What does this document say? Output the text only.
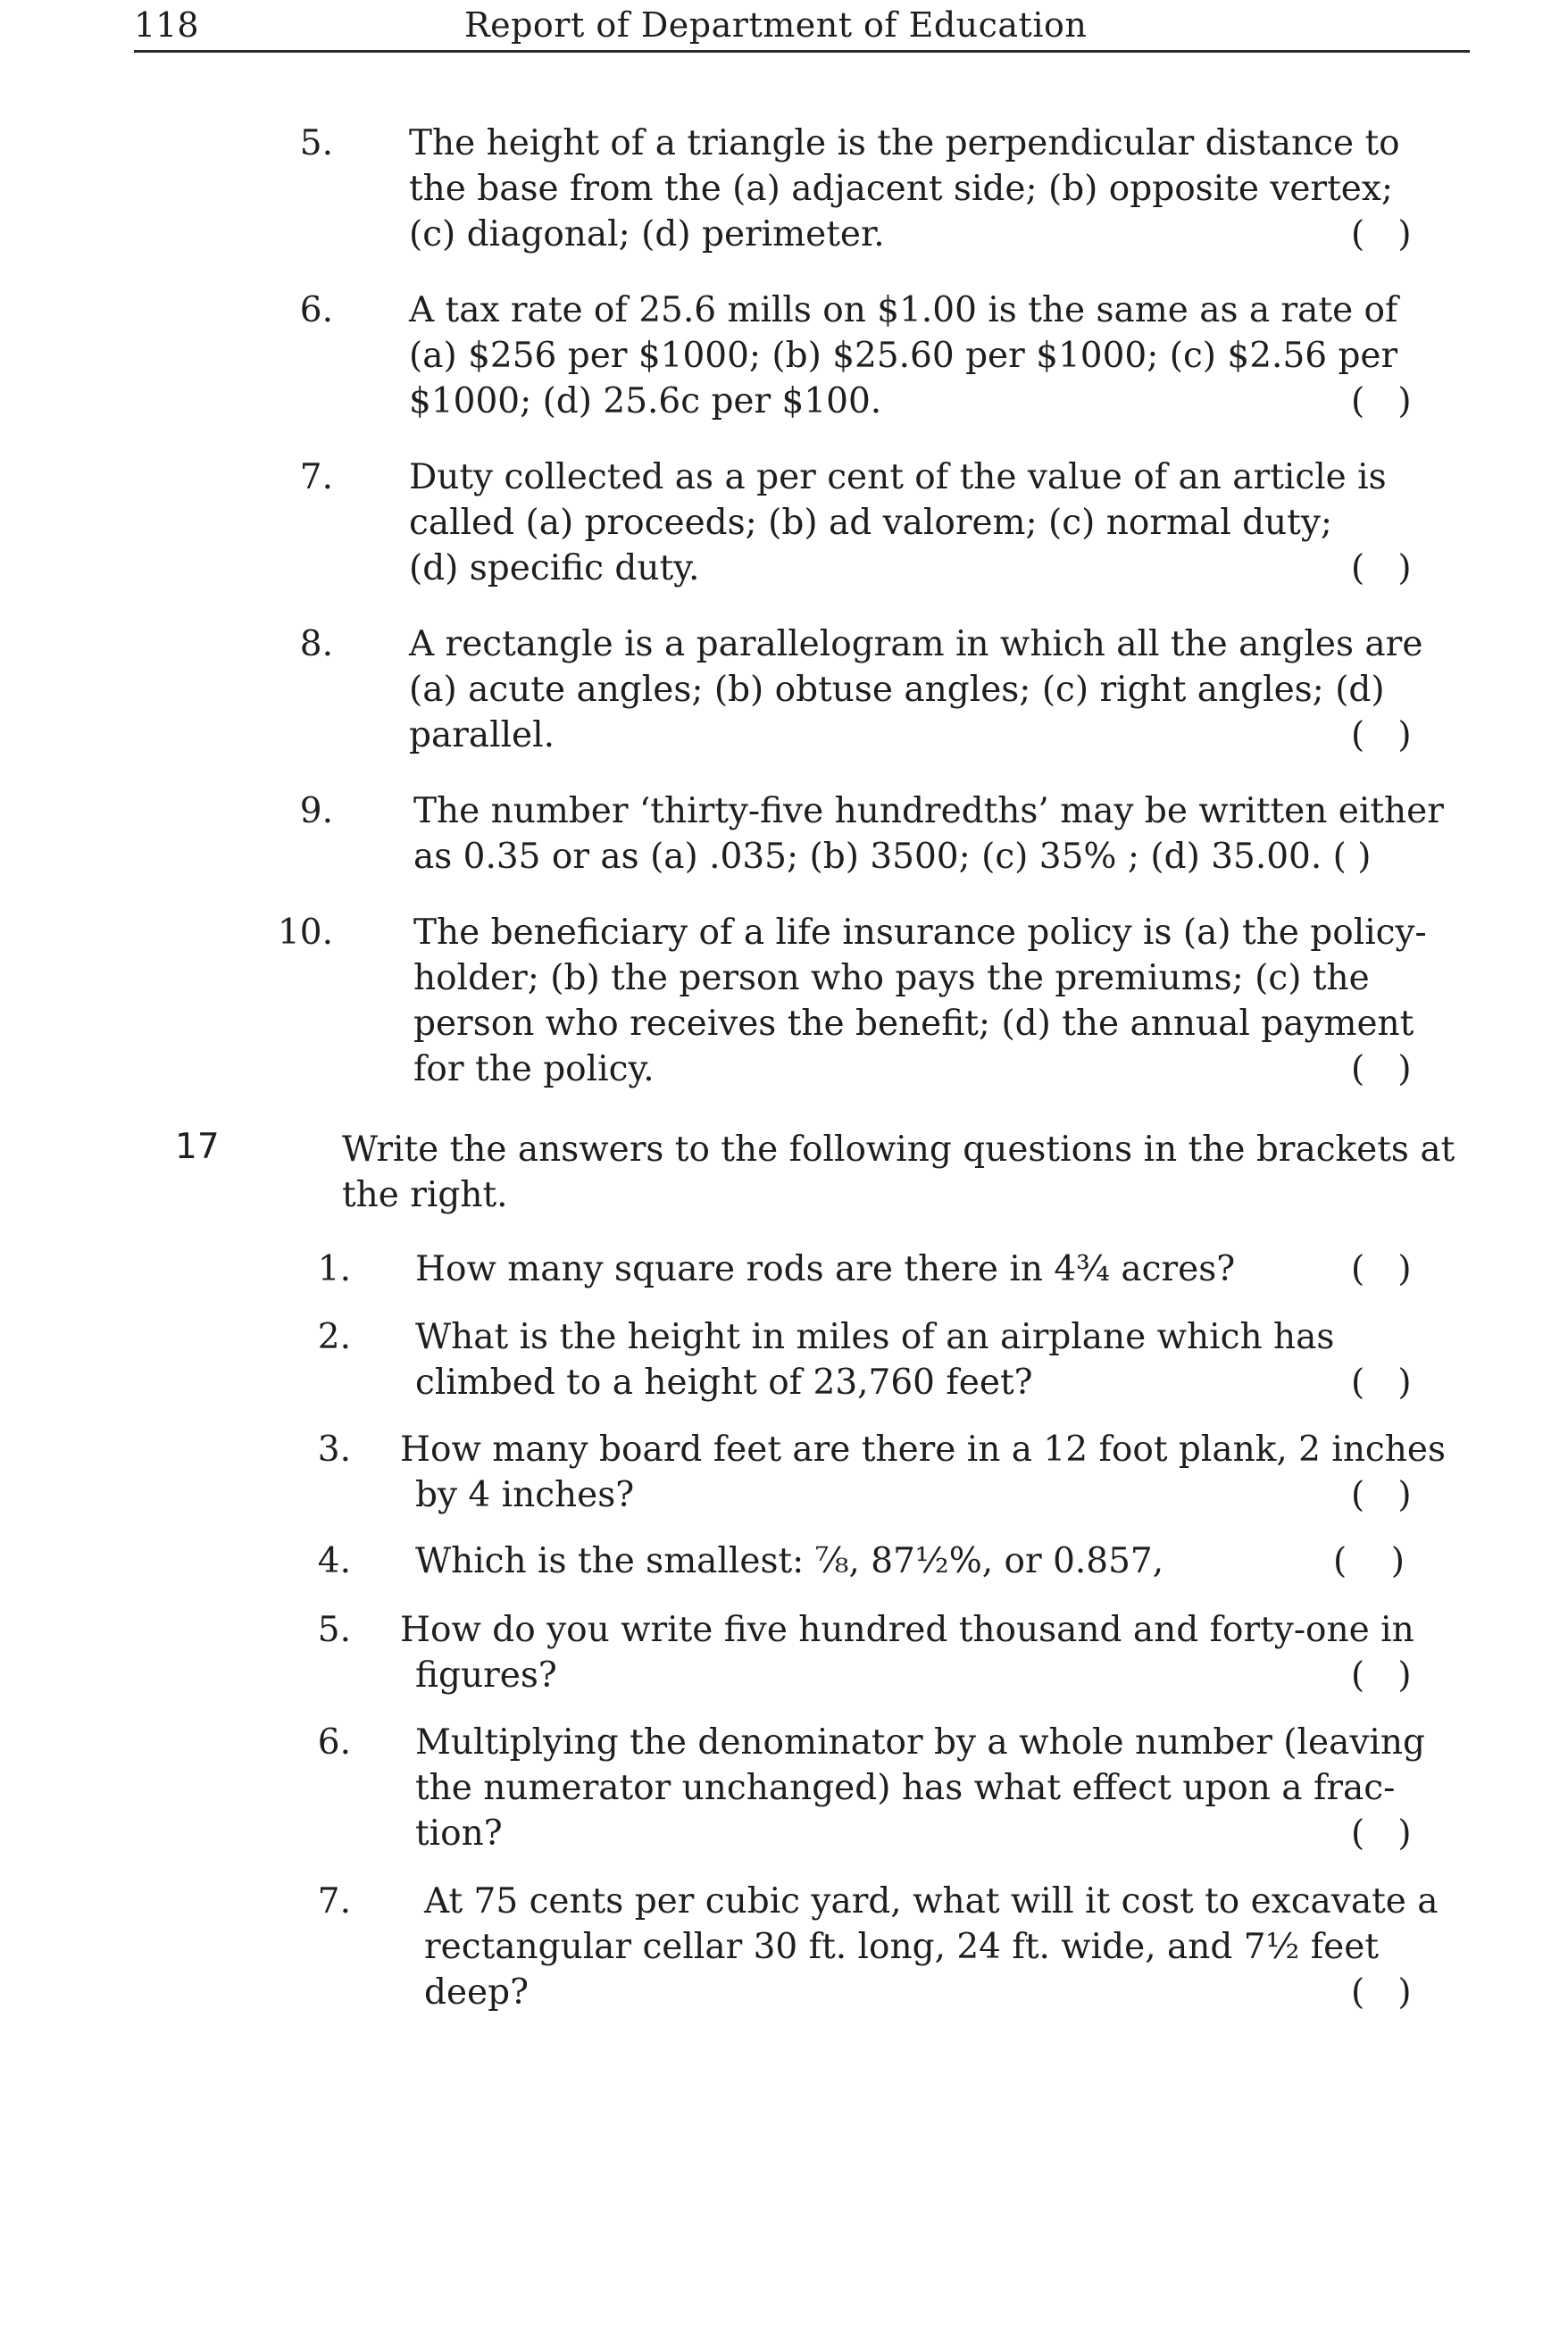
118	Report of Department of Education
5. The height of a triangle is the perpendicular distance to
the base from the (a) adjacent side; (b) opposite vertex;
(c) diagonal; (d) perimeter.	(   )
6. A tax rate of 25.6 mills on $1.00 is the same as a rate of
(a) $256 per $1000; (b) $25.60 per $1000; (c) $2.56 per
$1000; (d) 25.6c per $100.	(   )
7. Duty collected as a per cent of the value of an article is
called (a) proceeds; (b) ad valorem; (c) normal duty;
(d) specific duty.	(   )
8. A rectangle is a parallelogram in which all the angles are
(a) acute angles; (b) obtuse angles; (c) right angles; (d)
parallel.	(   )
9. The number ‘thirty-five hundredths’ may be written either
as 0.35 or as (a) .035; (b) 3500; (c) 35% ; (d) 35.00. ( )
10. The beneficiary of a life insurance policy is (a) the policy-
holder; (b) the person who pays the premiums; (c) the
person who receives the benefit; (d) the annual payment
for the policy.	(   )
17	Write the answers to the following questions in the brackets at the right.
1. How many square rods are there in 4¾ acres?	(   )
2. What is the height in miles of an airplane which has
climbed to a height of 23,760 feet?	(   )
3. How many board feet are there in a 12 foot plank, 2 inches
by 4 inches?	(   )
4. Which is the smallest: ⅞, 87½%, or 0.857,	(    )
5. How do you write five hundred thousand and forty-one in
figures?	(   )
6. Multiplying the denominator by a whole number (leaving
the numerator unchanged) has what effect upon a frac-
tion?	(   )
7. At 75 cents per cubic yard, what will it cost to excavate a
rectangular cellar 30 ft. long, 24 ft. wide, and 7½ feet
deep?	(   )
